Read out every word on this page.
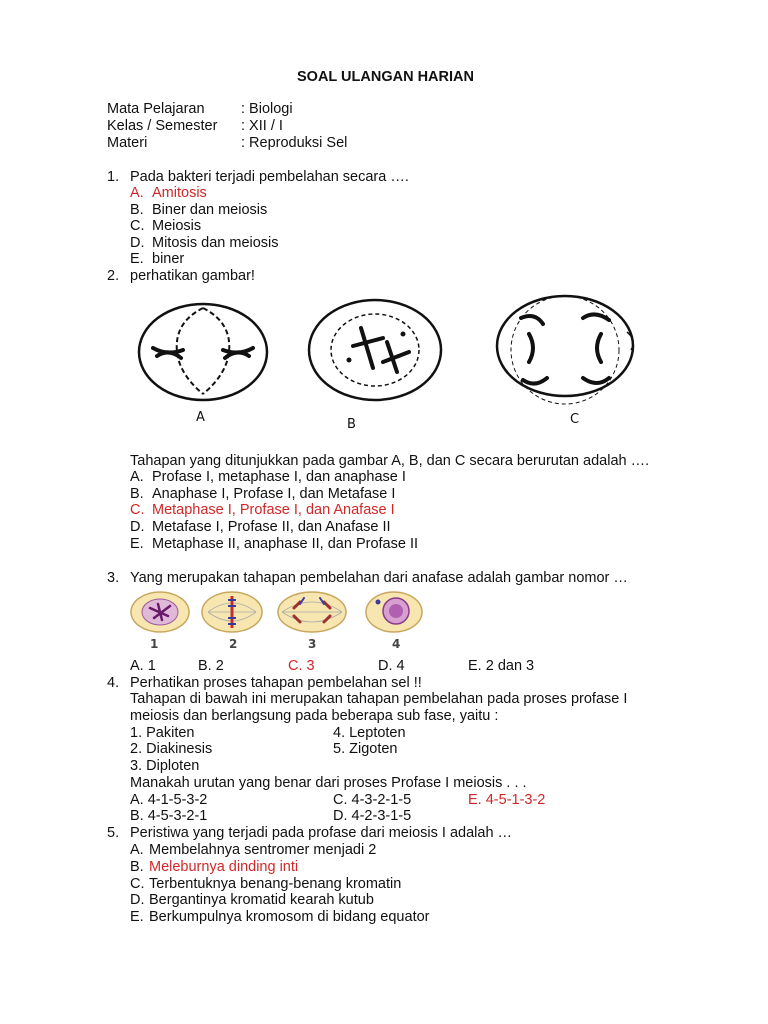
SOAL ULANGAN HARIAN
Mata Pelajaran	: Biologi
Kelas / Semester : XII / I
Materi	: Reproduksi Sel
1. Pada bakteri terjadi pembelahan secara ….
A. Amitosis
B. Biner dan meiosis
C. Meiosis
D. Mitosis dan meiosis
E. biner
2. perhatikan gambar!
A	B	C
Tahapan yang ditunjukkan pada gambar A, B, dan C secara berurutan adalah ….
A. Profase I, metaphase I, dan anaphase I
B. Anaphase I, Profase I, dan Metafase I
C. Metaphase I, Profase I, dan Anafase I
D. Metafase I, Profase II, dan Anafase II
E. Metaphase II, anaphase II, dan Profase II
3. Yang merupakan tahapan pembelahan dari anafase adalah gambar nomor …
1	2	3	4
A. 1	B. 2	C. 3	D. 4	E. 2 dan 3
4. Perhatikan proses tahapan pembelahan sel !!
Tahapan di bawah ini merupakan tahapan pembelahan pada proses profase I
meiosis dan berlangsung pada beberapa sub fase, yaitu :
1. Pakiten	4. Leptoten
2. Diakinesis	5. Zigoten
3. Diploten
Manakah urutan yang benar dari proses Profase I meiosis . . .
A. 4-1-5-3-2	C. 4-3-2-1-5	E. 4-5-1-3-2
B. 4-5-3-2-1	D. 4-2-3-1-5
5. Peristiwa yang terjadi pada profase dari meiosis I adalah …
A. Membelahnya sentromer menjadi 2
B. Meleburnya dinding inti
C. Terbentuknya benang-benang kromatin
D. Bergantinya kromatid kearah kutub
E. Berkumpulnya kromosom di bidang equator
